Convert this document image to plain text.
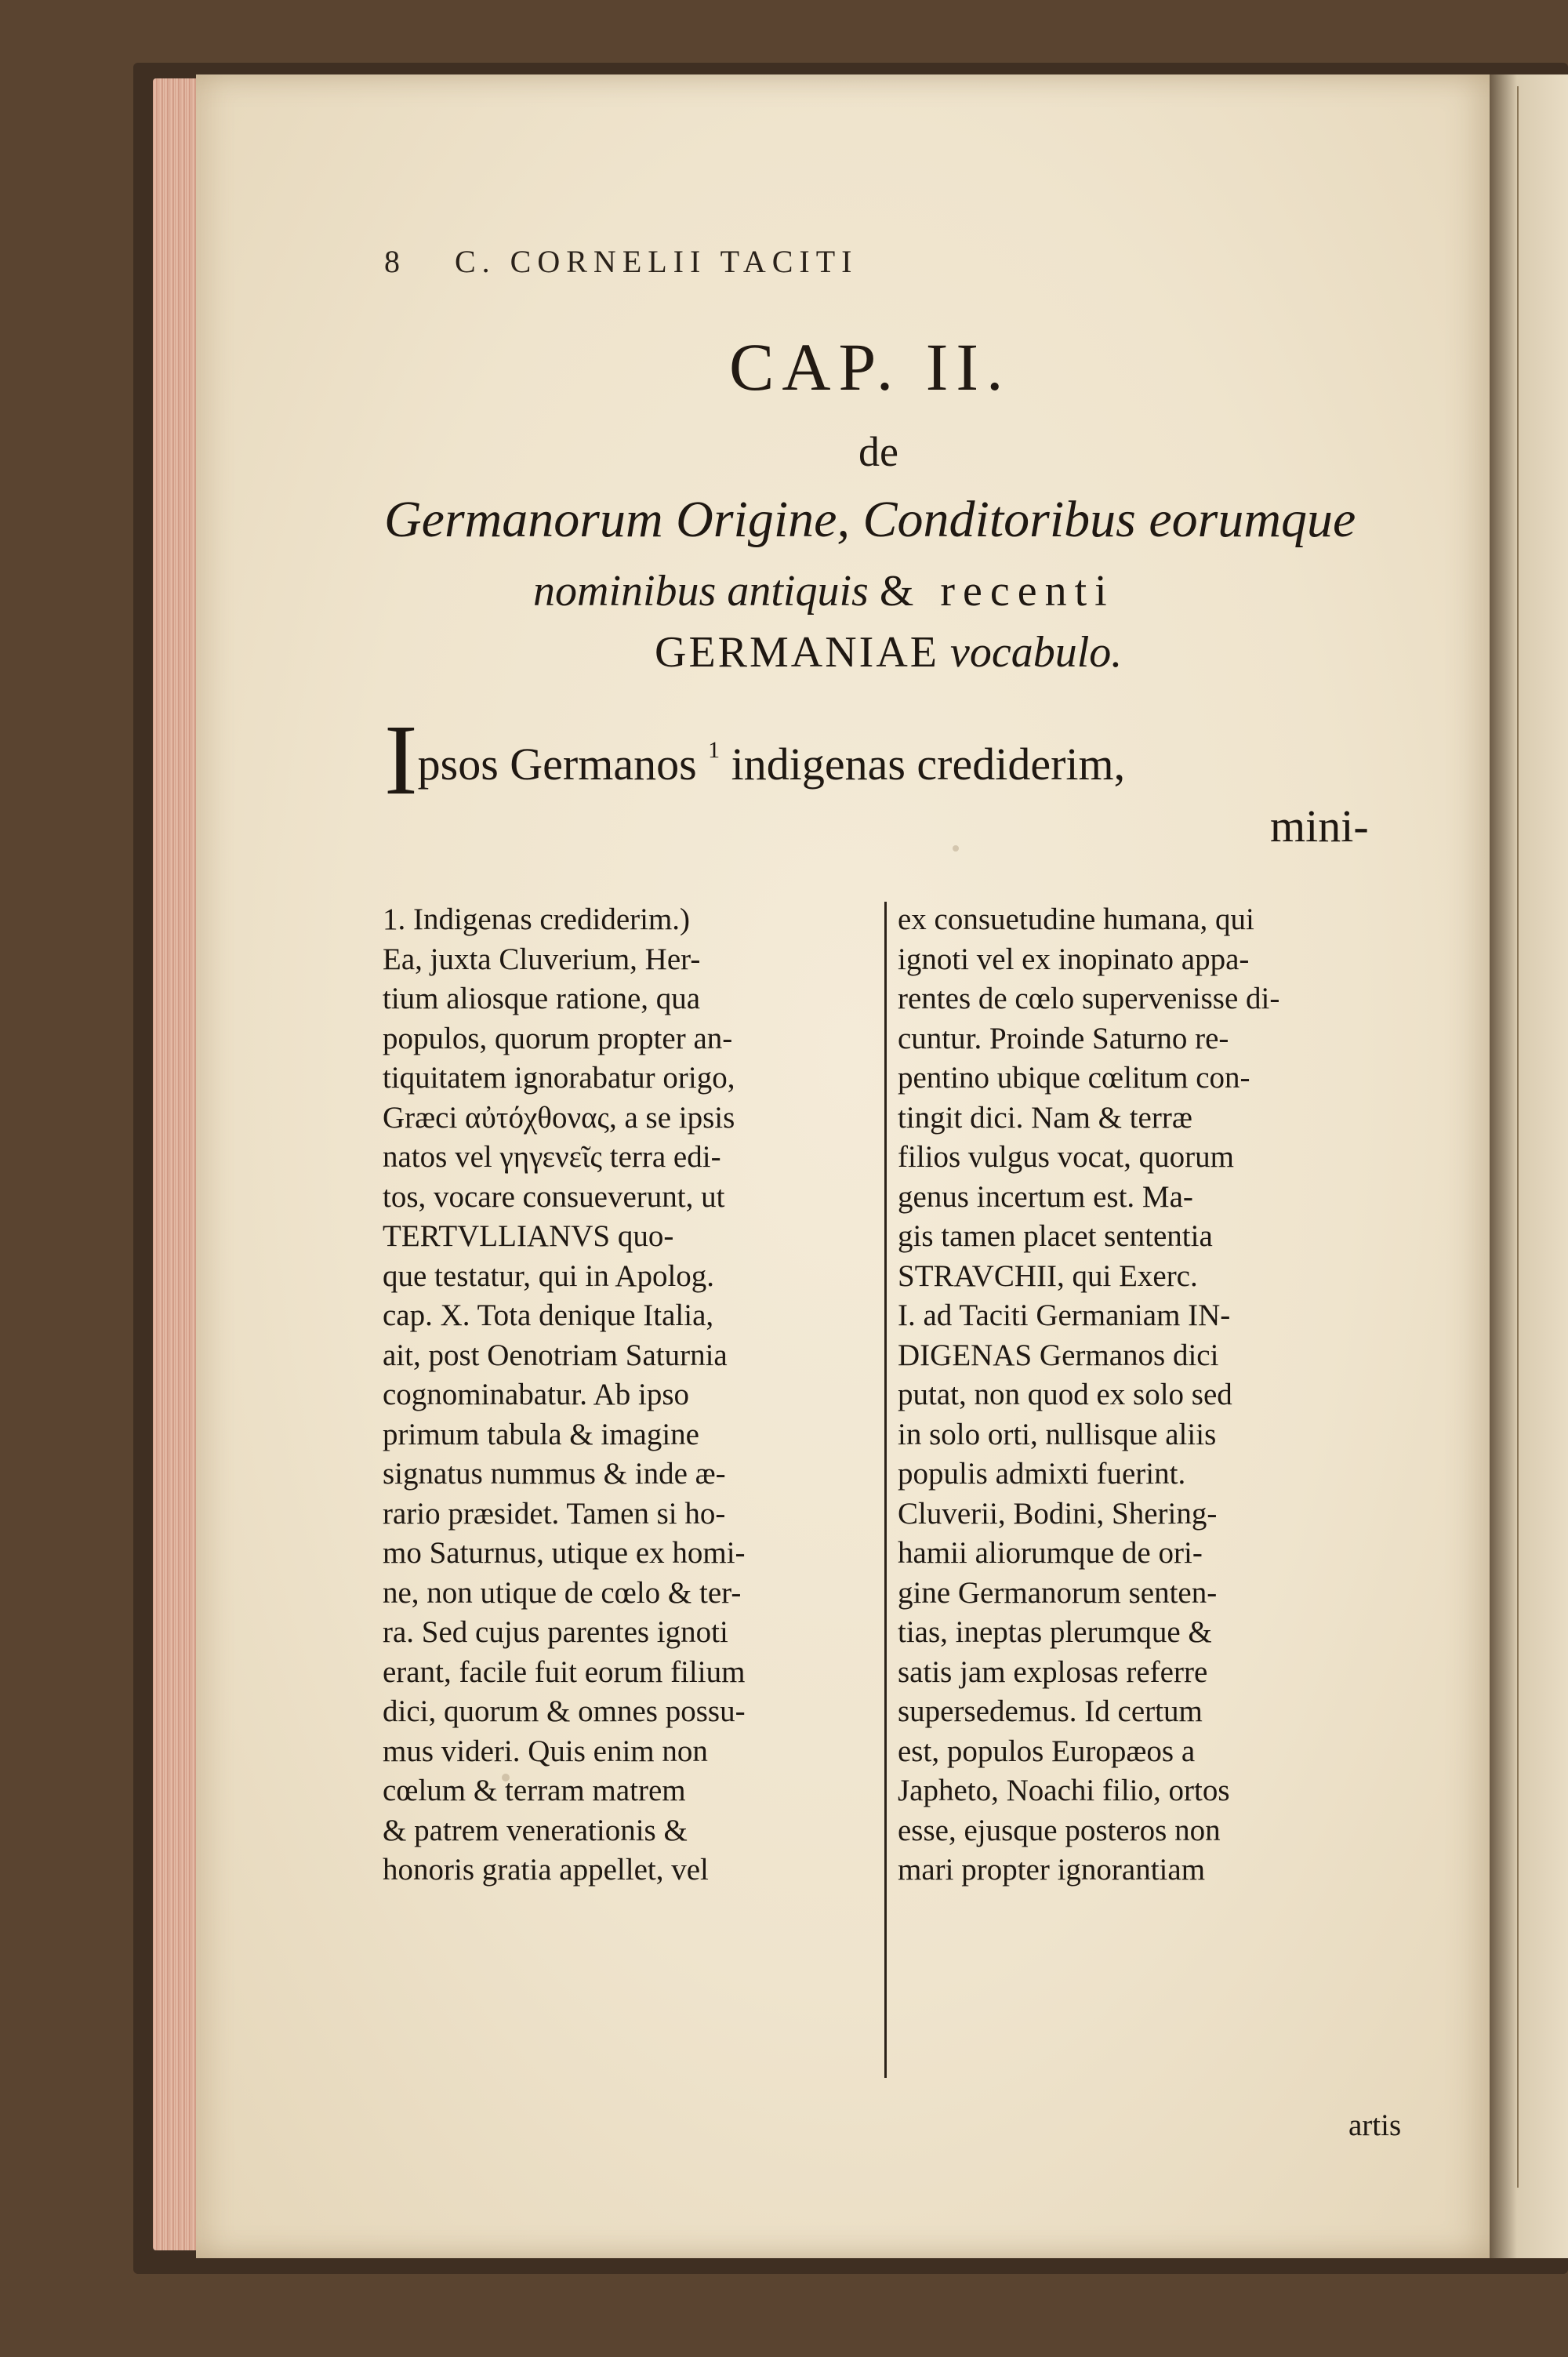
8 C. CORNELII TACITI
CAP. II.
de
Germanorum Origine, Conditoribus eorumque
nominibus antiquis & recenti
GERMANIAE vocabulo.
Ipsos Germanos $^1$ indigenas crediderim,
mini-
1. Indigenas crediderim.)
Ea, juxta Cluverium, Her-
tium aliosque ratione, qua
populos, quorum propter an-
tiquitatem ignorabatur origo,
Græci αὐτόχθονας, a se ipsis
natos vel γηγενεῖς terra edi-
tos, vocare consueverunt, ut
TERTVLLIANVS quo-
que testatur, qui in Apolog.
cap. X. Tota denique Italia,
ait, post Oenotriam Saturnia
cognominabatur. Ab ipso
primum tabula & imagine
signatus nummus & inde æ-
rario præsidet. Tamen si ho-
mo Saturnus, utique ex homi-
ne, non utique de cœlo & ter-
ra. Sed cujus parentes ignoti
erant, facile fuit eorum filium
dici, quorum & omnes possu-
mus videri. Quis enim non
cœlum & terram matrem
& patrem venerationis &
honoris gratia appellet, vel
ex consuetudine humana, qui
ignoti vel ex inopinato appa-
rentes de cœlo supervenisse di-
cuntur. Proinde Saturno re-
pentino ubique cœlitum con-
tingit dici. Nam & terræ
filios vulgus vocat, quorum
genus incertum est. Ma-
gis tamen placet sententia
STRAVCHII, qui Exerc.
I. ad Taciti Germaniam IN-
DIGENAS Germanos dici
putat, non quod ex solo sed
in solo orti, nullisque aliis
populis admixti fuerint.
Cluverii, Bodini, Shering-
hamii aliorumque de ori-
gine Germanorum senten-
tias, ineptas plerumque &
satis jam explosas referre
supersedemus. Id certum
est, populos Europæos a
Japheto, Noachi filio, ortos
esse, ejusque posteros non
mari propter ignorantiam
artis
